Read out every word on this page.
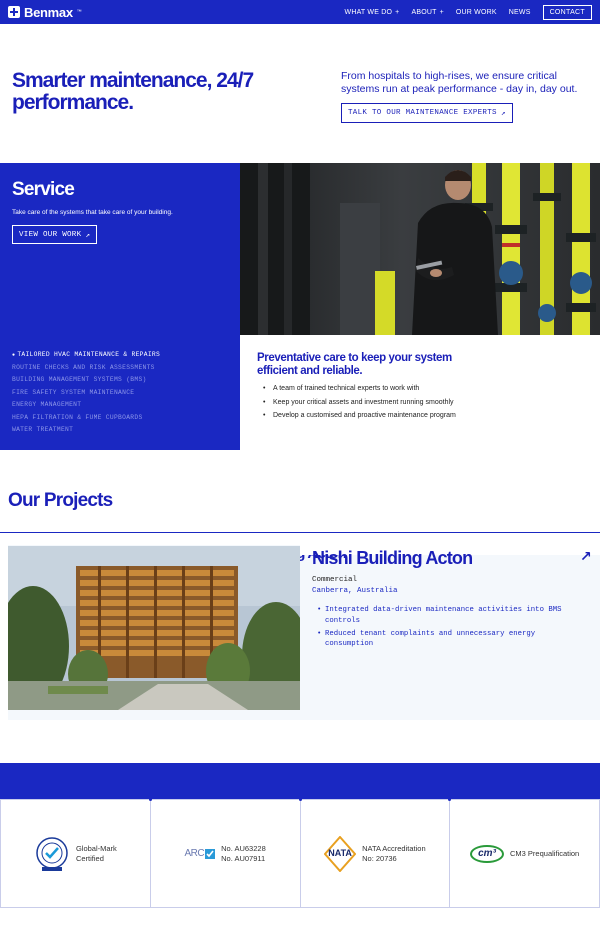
Benmax ™	WHAT WE DO + ABOUT + OUR WORK NEWS	CONTACT
Smarter maintenance, 24/7 performance.

From hospitals to high-rises, we ensure critical systems run at peak performance - day in, day out.

TALK TO OUR MAINTENANCE EXPERTS ↗
Service

Take care of the systems that take care of your building.

VIEW OUR WORK ↗
● TAILORED HVAC MAINTENANCE & REPAIRS
ROUTINE CHECKS AND RISK ASSESSMENTS
BUILDING MANAGEMENT SYSTEMS (BMS)
FIRE SAFETY SYSTEM MAINTENANCE
ENERGY MANAGEMENT
HEPA FILTRATION & FUME CUPBOARDS
WATER TREATMENT
Preventative care to keep your system efficient and reliable.
• A team of trained technical experts to work with
• Keep your critical assets and investment running smoothly
• Develop a customised and proactive maintenance program
Our Projects
Nishi Building Acton	↗
Commercial
Canberra, Australia
• Integrated data-driven maintenance activities into BMS controls
• Reduced tenant complaints and unnecessary energy consumption
Global-Mark
Certified	ARC No. AU63228
No. AU07911
NATA	NATA Accreditation
No: 20736	cm³ CM3 Prequalification
